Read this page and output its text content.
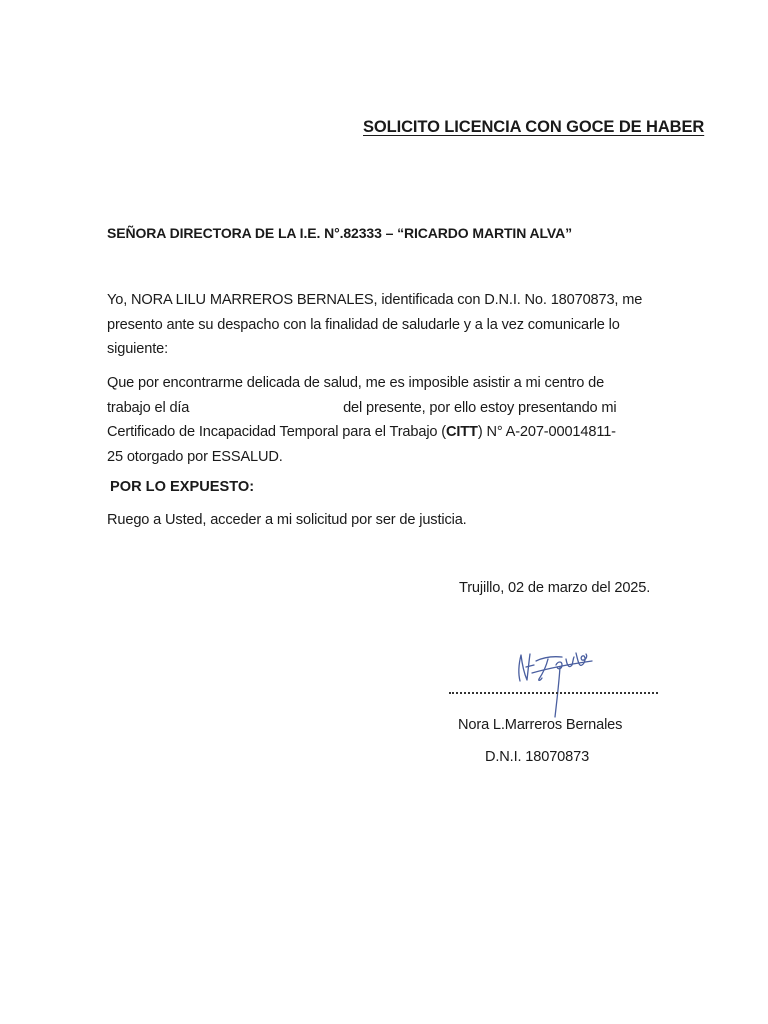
SOLICITO LICENCIA CON GOCE DE HABER
SEÑORA DIRECTORA DE LA I.E. N°.82333 – “RICARDO MARTIN ALVA”
Yo, NORA LILU MARREROS BERNALES, identificada con D.N.I. No. 18070873, me
presento ante su despacho con la finalidad de saludarle y a la vez comunicarle lo
siguiente:
Que por encontrarme delicada de salud, me es imposible asistir a mi centro de
trabajo el día	del presente, por ello estoy presentando mi
Certificado de Incapacidad Temporal para el Trabajo (CITT) N° A-207-00014811-
25 otorgado por ESSALUD.
POR LO EXPUESTO:
Ruego a Usted, acceder a mi solicitud por ser de justicia.
Trujillo, 02 de marzo del 2025.
Nora L.Marreros Bernales
D.N.I. 18070873
